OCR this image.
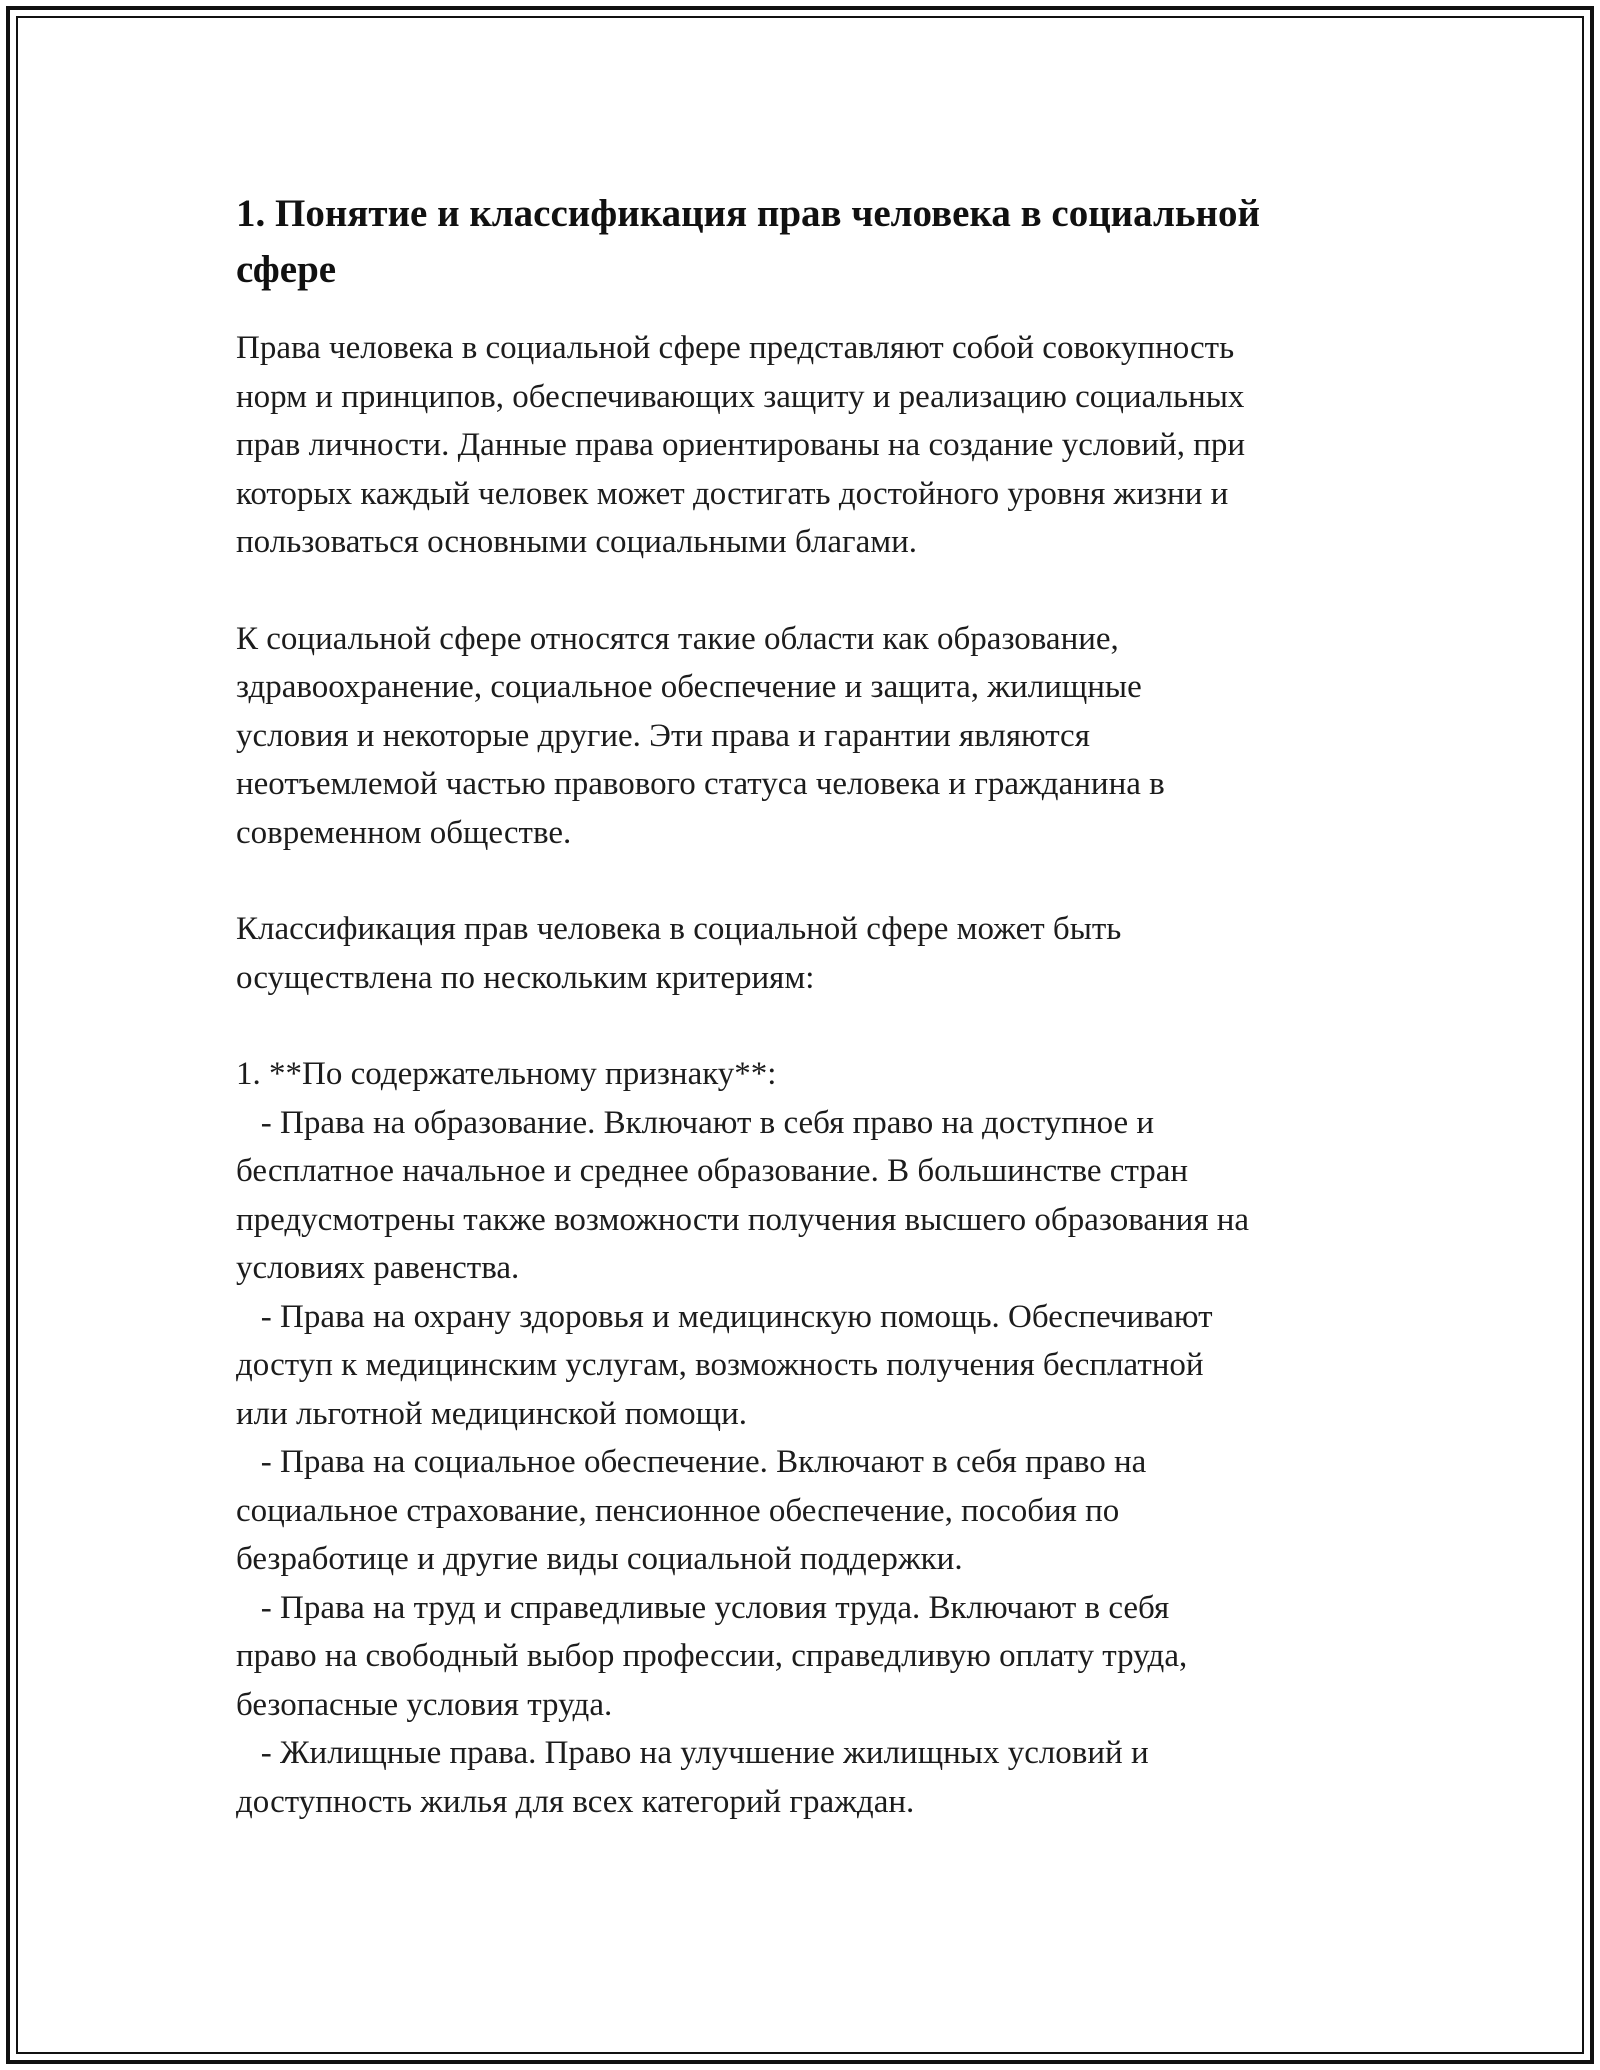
1. Понятие и классификация прав человека в социальной
сфере

Права человека в социальной сфере представляют собой совокупность
норм и принципов, обеспечивающих защиту и реализацию социальных
прав личности. Данные права ориентированы на создание условий, при
которых каждый человек может достигать достойного уровня жизни и
пользоваться основными социальными благами.

К социальной сфере относятся такие области как образование,
здравоохранение, социальное обеспечение и защита, жилищные
условия и некоторые другие. Эти права и гарантии являются
неотъемлемой частью правового статуса человека и гражданина в
современном обществе.

Классификация прав человека в социальной сфере может быть
осуществлена по нескольким критериям:

1. **По содержательному признаку**:
- Права на образование. Включают в себя право на доступное и
бесплатное начальное и среднее образование. В большинстве стран
предусмотрены также возможности получения высшего образования на
условиях равенства.
- Права на охрану здоровья и медицинскую помощь. Обеспечивают
доступ к медицинским услугам, возможность получения бесплатной
или льготной медицинской помощи.
- Права на социальное обеспечение. Включают в себя право на
социальное страхование, пенсионное обеспечение, пособия по
безработице и другие виды социальной поддержки.
- Права на труд и справедливые условия труда. Включают в себя
право на свободный выбор профессии, справедливую оплату труда,
безопасные условия труда.
- Жилищные права. Право на улучшение жилищных условий и
доступность жилья для всех категорий граждан.
